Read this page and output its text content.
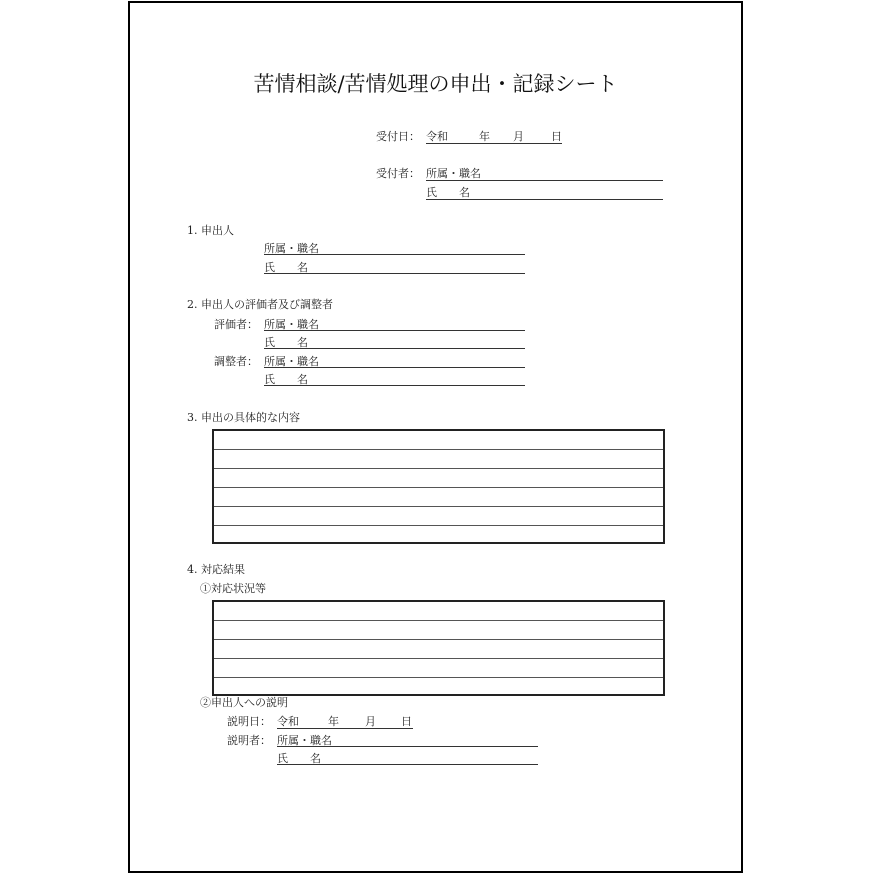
苦情相談/苦情処理の申出・記録シート
受付日： 令和	年 月 日
受付者： 所属・職名
氏　　名
1. 申出人
所属・職名
氏　　名
2. 申出人の評価者及び調整者
評価者： 所属・職名
氏　　名
調整者： 所属・職名
氏　　名
3. 申出の具体的な内容
4. 対応結果
①対応状況等
②申出人への説明
説明日： 令和	年 月 日
説明者： 所属・職名
氏　　名
